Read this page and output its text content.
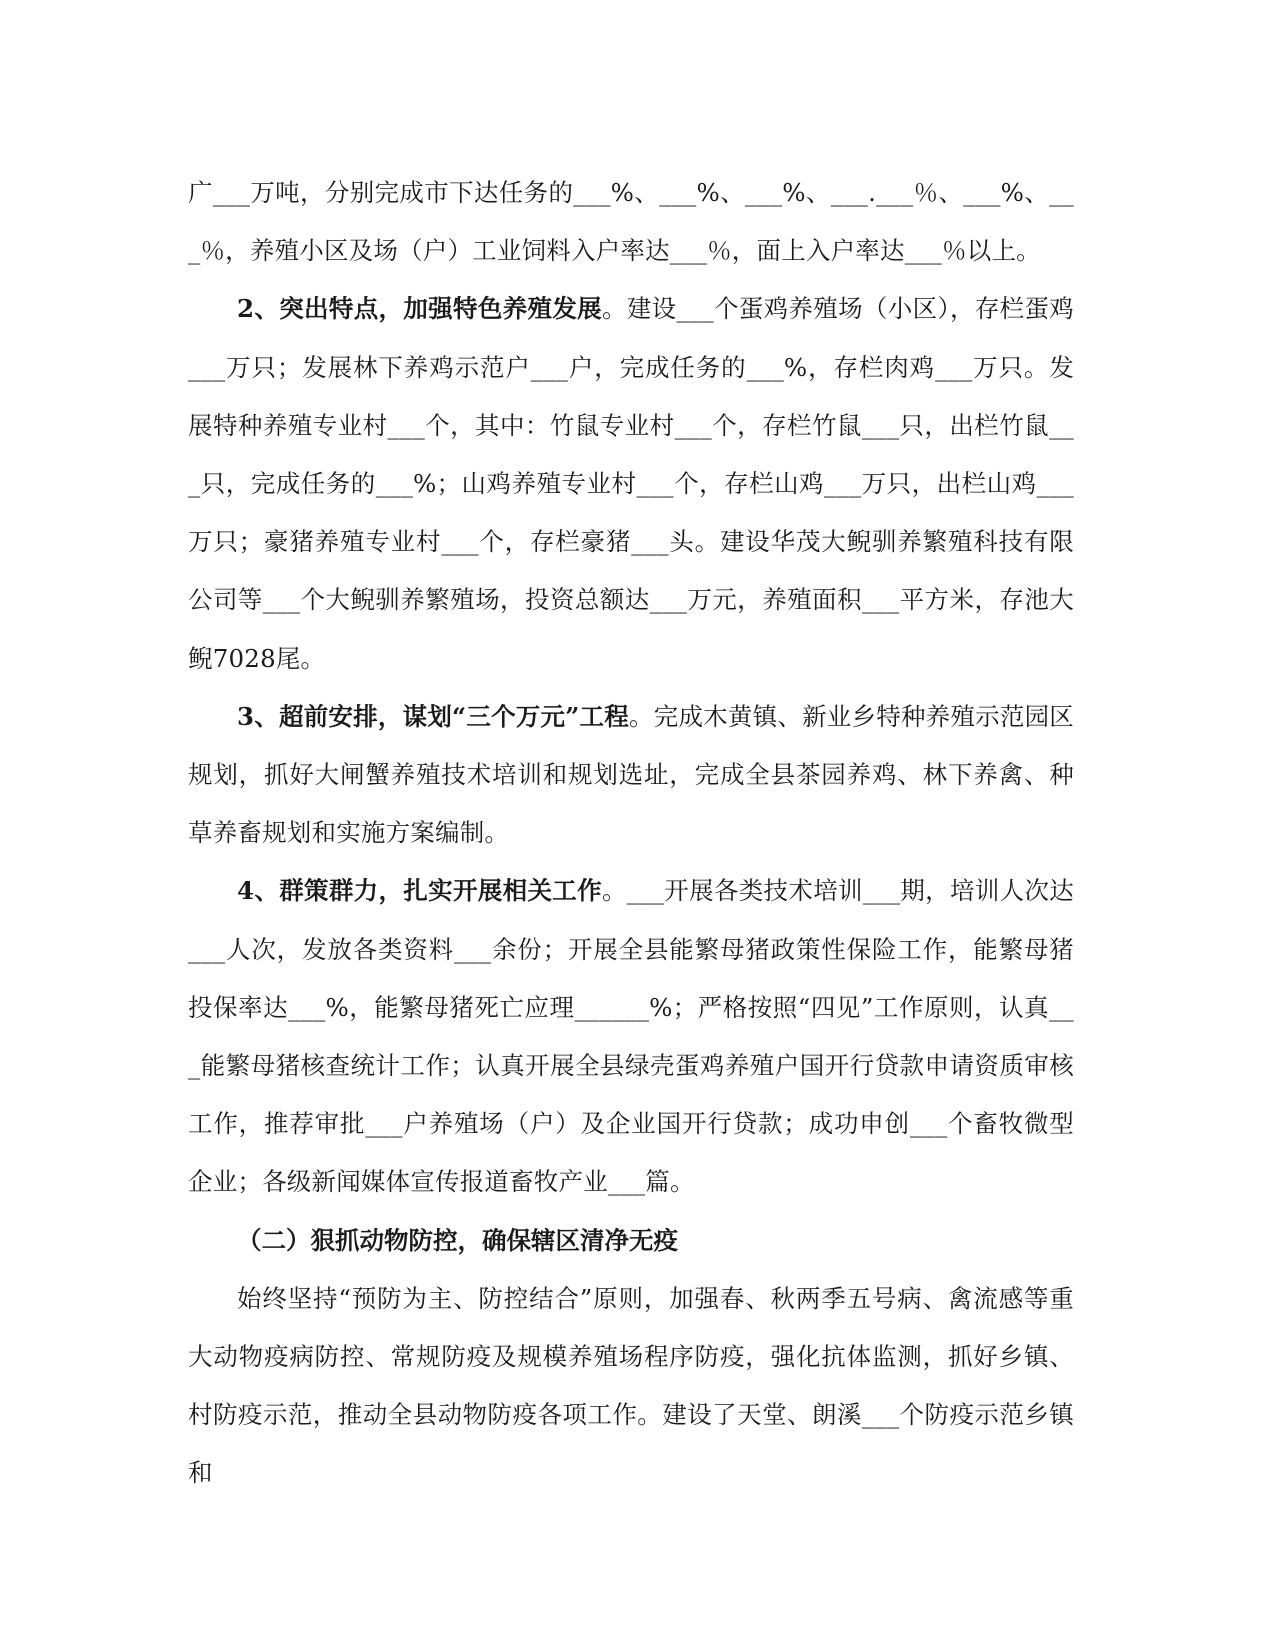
广___万吨，分别完成市下达任务的___%、___%、___%、___.___％、___%、___％，养殖小区及场（户）工业饲料入户率达___％，面上入户率达___％以上。

2、突出特点，加强特色养殖发展。建设___个蛋鸡养殖场（小区），存栏蛋鸡___万只；发展林下养鸡示范户___户，完成任务的___%，存栏肉鸡___万只。发展特种养殖专业村___个，其中：竹鼠专业村___个，存栏竹鼠___只，出栏竹鼠___只，完成任务的___%；山鸡养殖专业村___个，存栏山鸡___万只，出栏山鸡___万只；豪猪养殖专业村___个，存栏豪猪___头。建设华茂大鲵驯养繁殖科技有限公司等___个大鲵驯养繁殖场，投资总额达___万元，养殖面积___平方米，存池大鲵7028尾。

3、超前安排，谋划“三个万元”工程。完成木黄镇、新业乡特种养殖示范园区规划，抓好大闸蟹养殖技术培训和规划选址，完成全县茶园养鸡、林下养禽、种草养畜规划和实施方案编制。

4、群策群力，扎实开展相关工作。___开展各类技术培训___期，培训人次达___人次，发放各类资料___余份；开展全县能繁母猪政策性保险工作，能繁母猪投保率达___%，能繁母猪死亡应理______%；严格按照“四见”工作原则，认真___能繁母猪核查统计工作；认真开展全县绿壳蛋鸡养殖户国开行贷款申请资质审核工作，推荐审批___户养殖场（户）及企业国开行贷款；成功申创___个畜牧微型企业；各级新闻媒体宣传报道畜牧产业___篇。

（二）狠抓动物防控，确保辖区清净无疫

始终坚持“预防为主、防控结合”原则，加强春、秋两季五号病、禽流感等重大动物疫病防控、常规防疫及规模养殖场程序防疫，强化抗体监测，抓好乡镇、村防疫示范，推动全县动物防疫各项工作。建设了天堂、朗溪___个防疫示范乡镇和
